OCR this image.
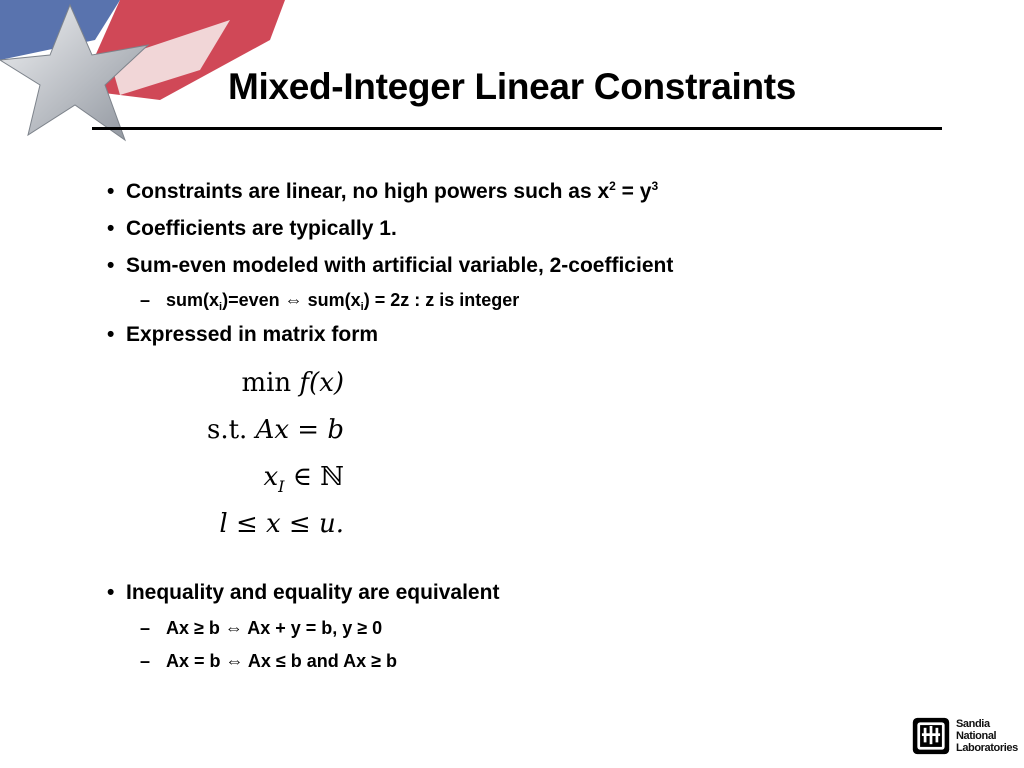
Mixed-Integer Linear Constraints
• Constraints are linear, no high powers such as $x^2 = y^3$
• Coefficients are typically 1.
• Sum-even modeled with artificial variable, 2-coefficient
– $sum(x_i)=even$ ⇔ $sum(x_i) = 2z$ : z is integer
• Expressed in matrix form
min f(x)
s.t. Ax = b
$x_I$ ∈ ℕ
l ≤ x ≤ u.
• Inequality and equality are equivalent
– Ax ≥ b ⇔ Ax + y = b, y ≥ 0
– Ax = b ⇔ Ax ≤ b and Ax ≥ b
Sandia
National
Laboratories
